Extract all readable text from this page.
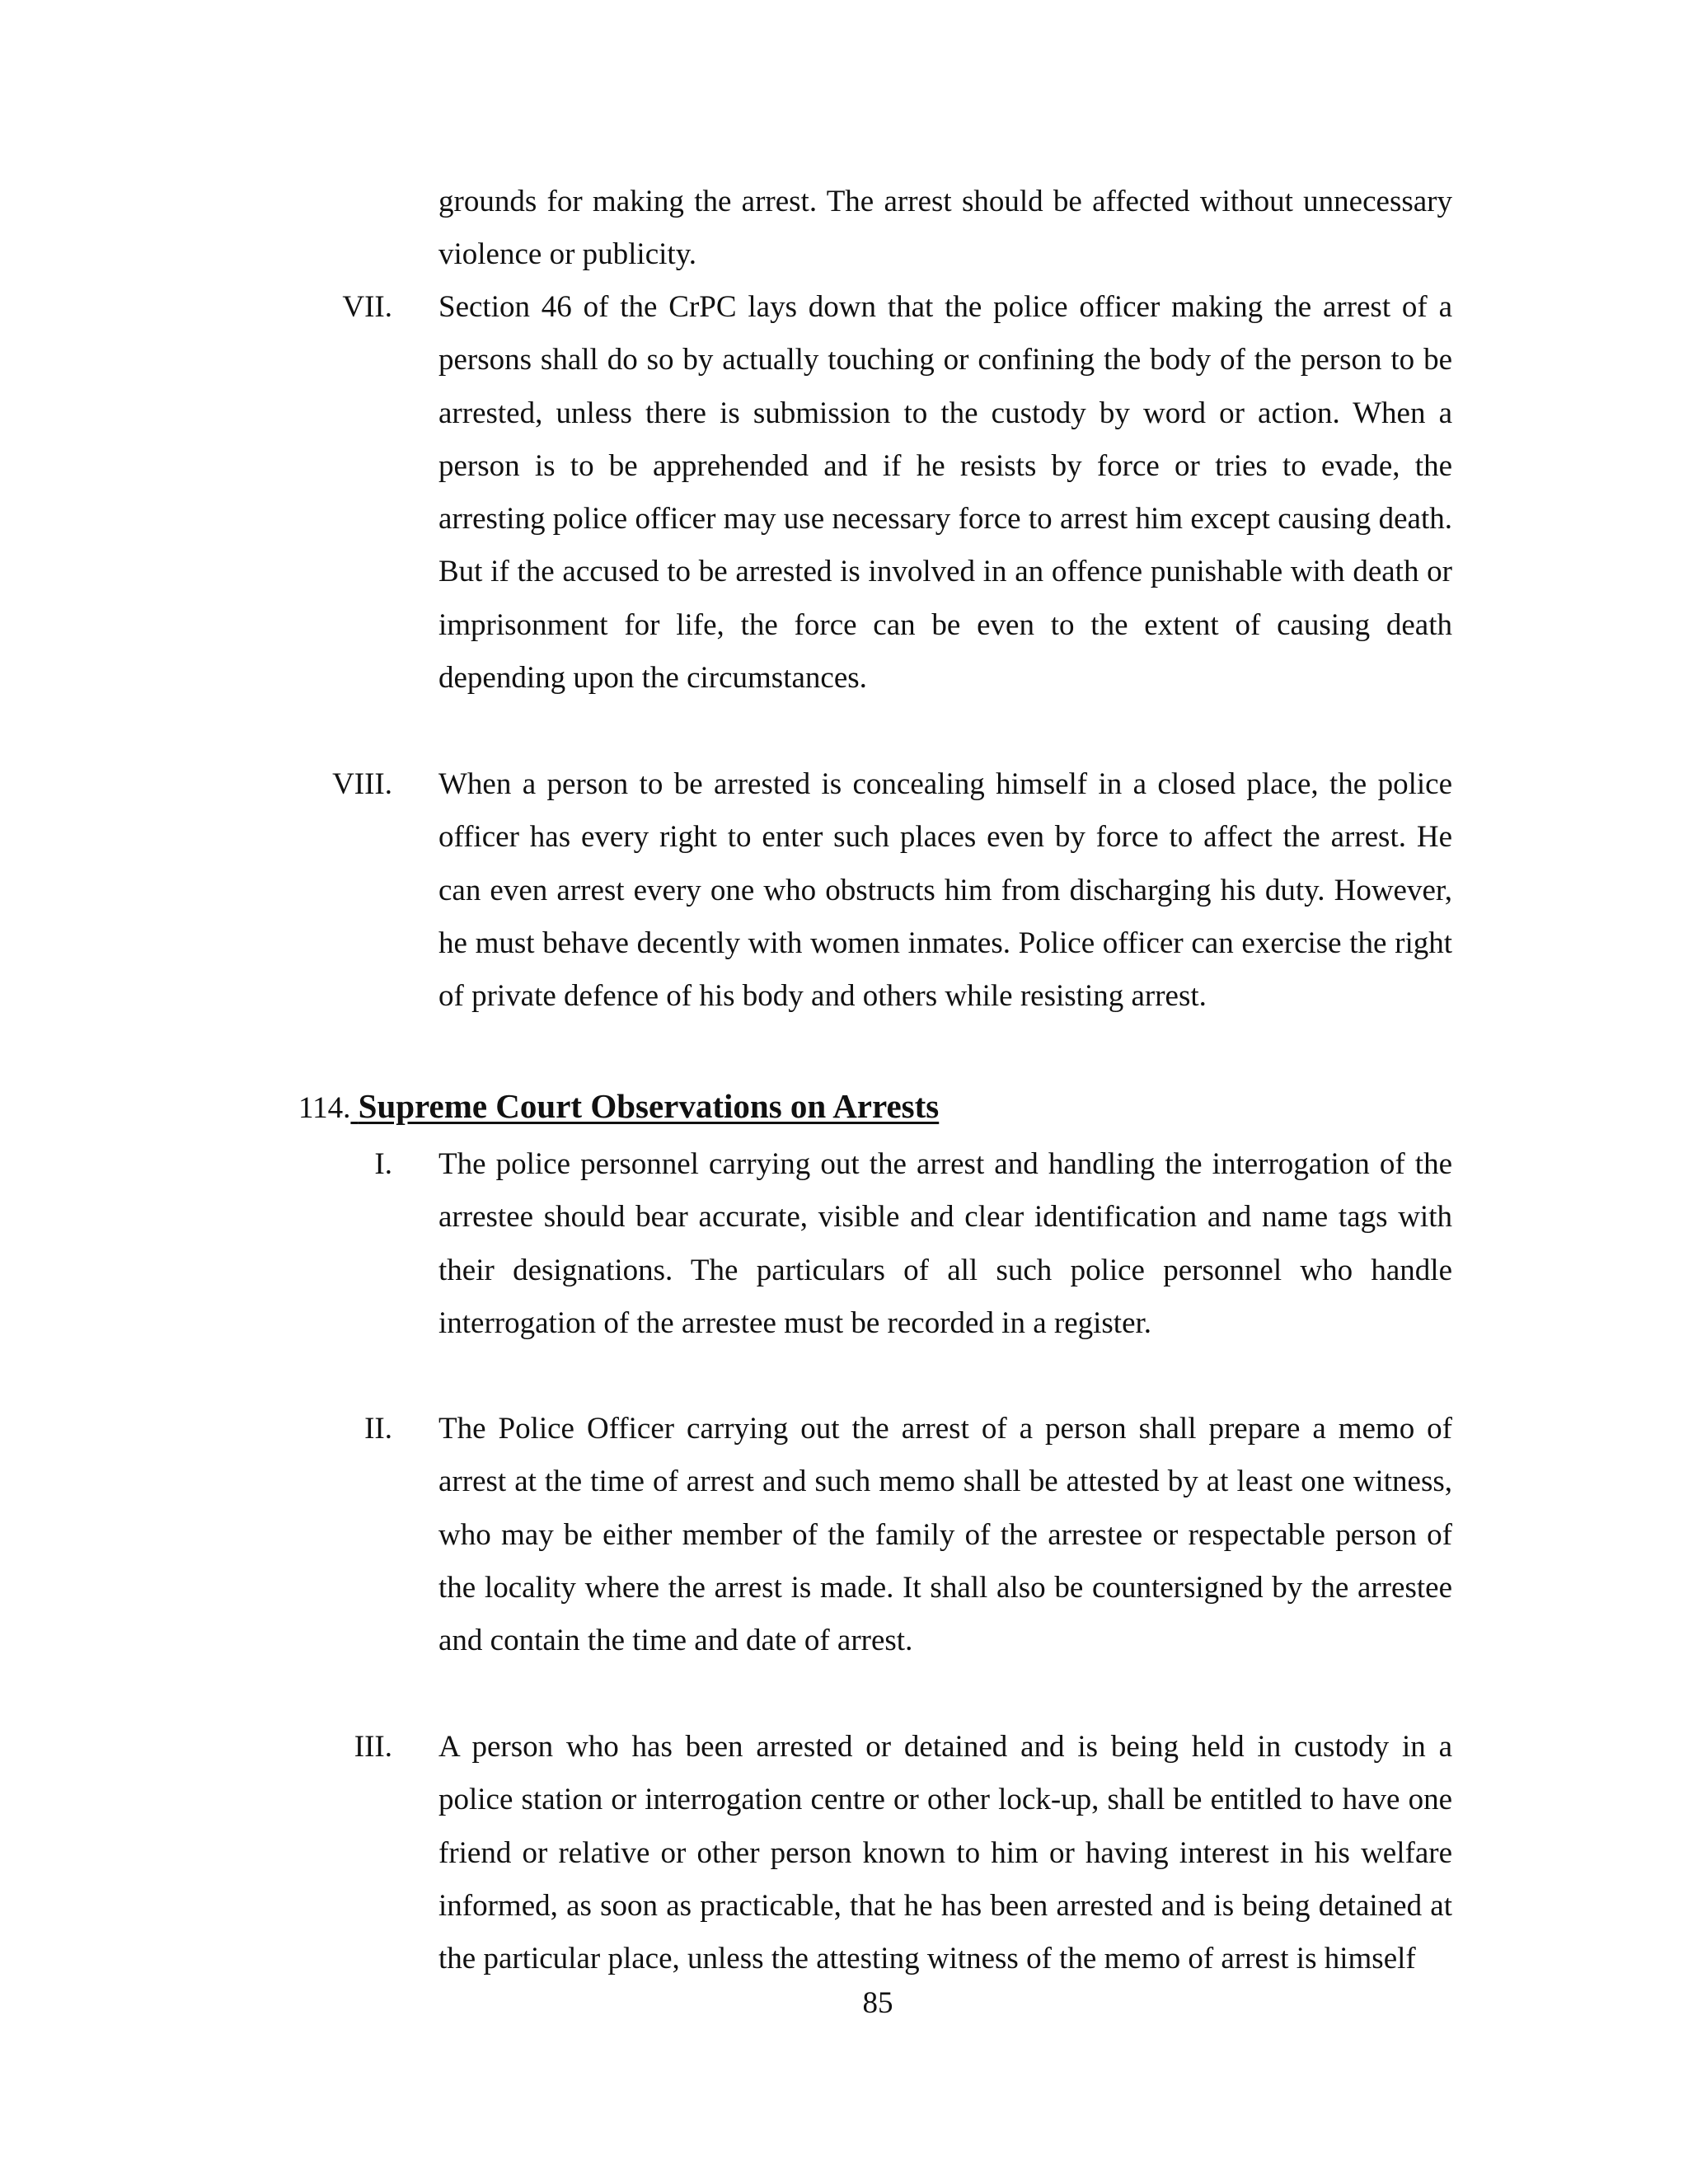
grounds for making the arrest. The arrest should be affected without unnecessary violence or publicity.

VII. Section 46 of the CrPC lays down that the police officer making the arrest of a persons shall do so by actually touching or confining the body of the person to be arrested, unless there is submission to the custody by word or action. When a person is to be apprehended and if he resists by force or tries to evade, the arresting police officer may use necessary force to arrest him except causing death. But if the accused to be arrested is involved in an offence punishable with death or imprisonment for life, the force can be even to the extent of causing death depending upon the circumstances.

VIII. When a person to be arrested is concealing himself in a closed place, the police officer has every right to enter such places even by force to affect the arrest. He can even arrest every one who obstructs him from discharging his duty. However, he must behave decently with women inmates. Police officer can exercise the right of private defence of his body and others while resisting arrest.

114. Supreme Court Observations on Arrests
I. The police personnel carrying out the arrest and handling the interrogation of the arrestee should bear accurate, visible and clear identification and name tags with their designations. The particulars of all such police personnel who handle interrogation of the arrestee must be recorded in a register.

II. The Police Officer carrying out the arrest of a person shall prepare a memo of arrest at the time of arrest and such memo shall be attested by at least one witness, who may be either member of the family of the arrestee or respectable person of the locality where the arrest is made. It shall also be countersigned by the arrestee and contain the time and date of arrest.

III. A person who has been arrested or detained and is being held in custody in a police station or interrogation centre or other lock-up, shall be entitled to have one friend or relative or other person known to him or having interest in his welfare informed, as soon as practicable, that he has been arrested and is being detained at the particular place, unless the attesting witness of the memo of arrest is himself

85
